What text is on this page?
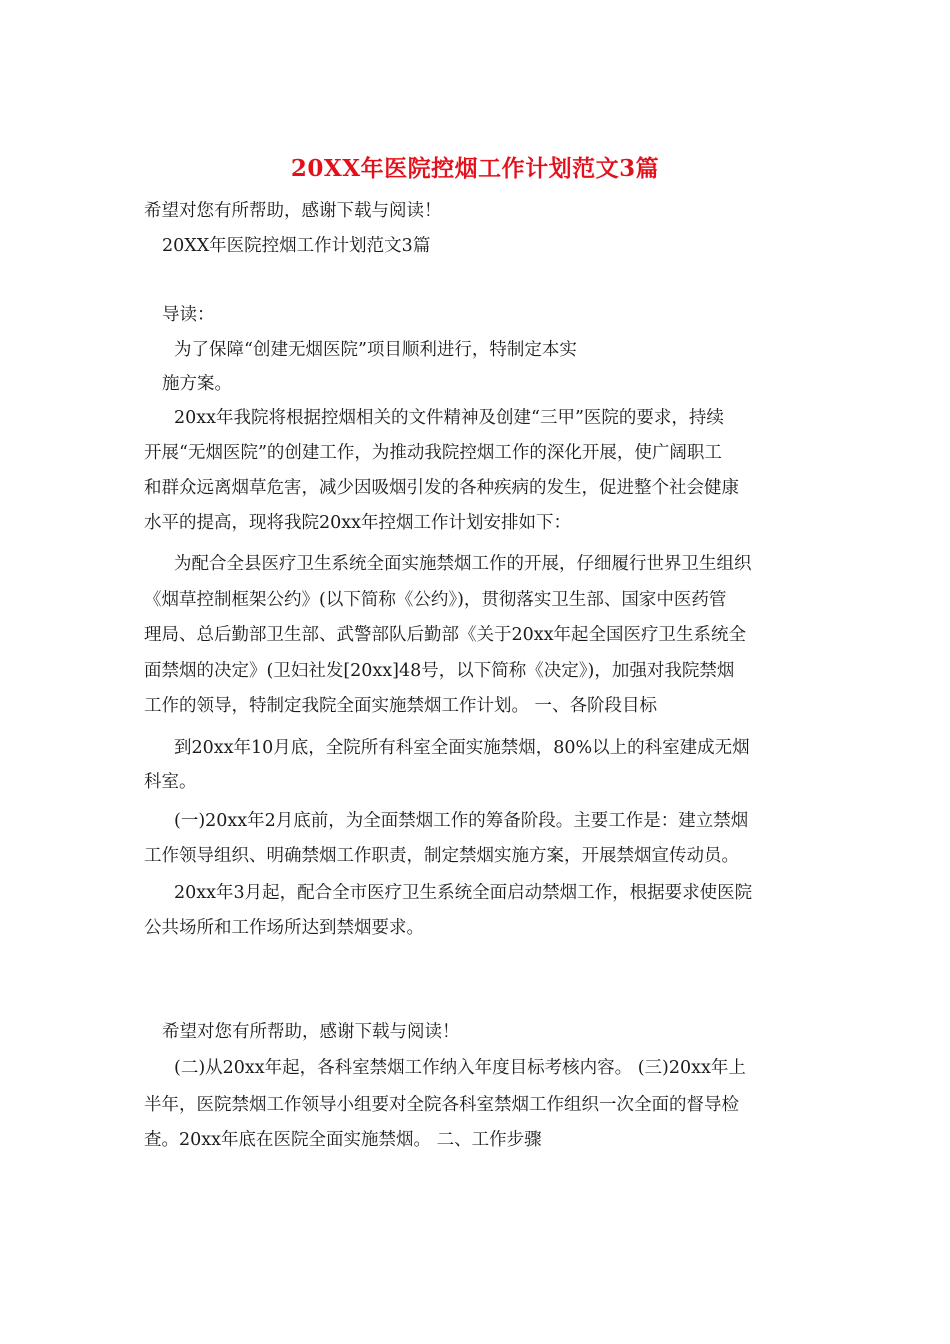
20XX年医院控烟工作计划范文3篇
希望对您有所帮助，感谢下载与阅读！
20XX年医院控烟工作计划范文3篇
导读：
为了保障“创建无烟医院”项目顺利进行，特制定本实
施方案。
20xx年我院将根据控烟相关的文件精神及创建“三甲”医院的要求，持续
开展“无烟医院”的创建工作，为推动我院控烟工作的深化开展，使广阔职工
和群众远离烟草危害，减少因吸烟引发的各种疾病的发生，促进整个社会健康
水平的提高，现将我院20xx年控烟工作计划安排如下：
为配合全县医疗卫生系统全面实施禁烟工作的开展，仔细履行世界卫生组织
《烟草控制框架公约》(以下简称《公约》)，贯彻落实卫生部、国家中医药管
理局、总后勤部卫生部、武警部队后勤部《关于20xx年起全国医疗卫生系统全
面禁烟的决定》(卫妇社发[20xx]48号，以下简称《决定》)，加强对我院禁烟
工作的领导，特制定我院全面实施禁烟工作计划。 一、各阶段目标
到20xx年10月底，全院所有科室全面实施禁烟，80%以上的科室建成无烟
科室。
(一)20xx年2月底前，为全面禁烟工作的筹备阶段。主要工作是：建立禁烟
工作领导组织、明确禁烟工作职责，制定禁烟实施方案，开展禁烟宣传动员。
20xx年3月起，配合全市医疗卫生系统全面启动禁烟工作，根据要求使医院
公共场所和工作场所达到禁烟要求。
希望对您有所帮助，感谢下载与阅读！
(二)从20xx年起，各科室禁烟工作纳入年度目标考核内容。 (三)20xx年上
半年，医院禁烟工作领导小组要对全院各科室禁烟工作组织一次全面的督导检
查。20xx年底在医院全面实施禁烟。 二、工作步骤
